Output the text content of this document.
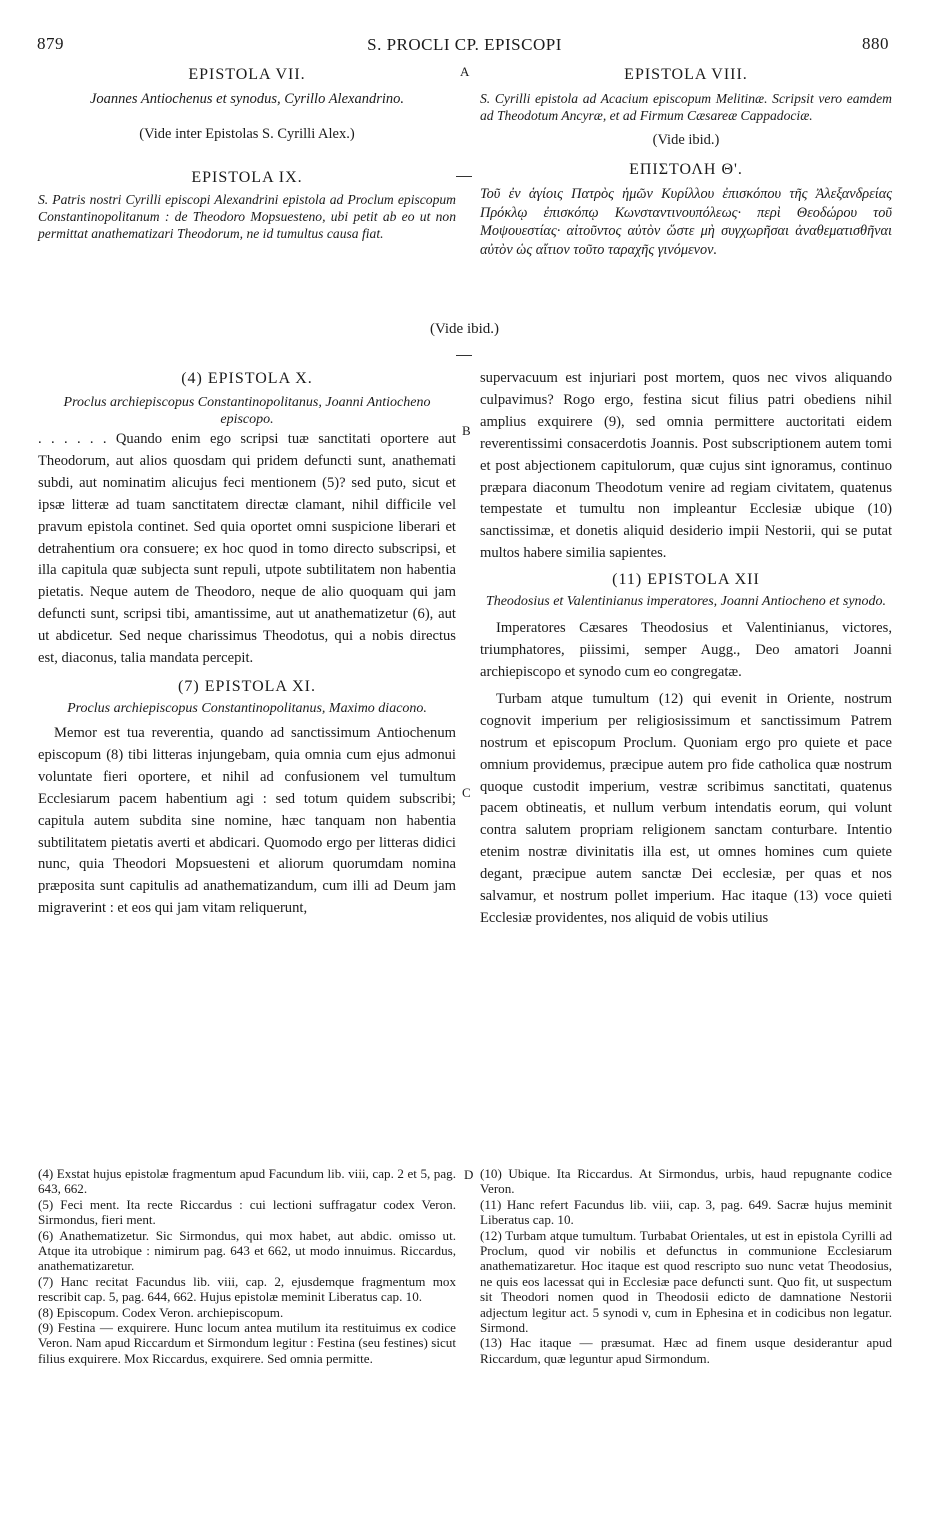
879	S. PROCLI CP. EPISCOPI	880
A
B
C
D

EPISTOLA VII.

Joannes Antiochenus et synodus, Cyrillo Alexandrino.

(Vide inter Epistolas S. Cyrilli Alex.)

EPISTOLA IX.

S. Patris nostri Cyrilli episcopi Alexandrini epistola ad Proclum episcopum Constantinopolitanum : de Theodoro Mopsuesteno, ubi petit ab eo ut non permittat anathematizari Theodorum, ne id tumultus causa fiat.

(4) EPISTOLA X.

Proclus archiepiscopus Constantinopolitanus, Joanni Antiocheno episcopo.

. . . . . . Quando enim ego scripsi tuæ sanctitati oportere aut Theodorum, aut alios quosdam qui pridem defuncti sunt, anathemati subdi, aut nominatim alicujus feci mentionem (5)? sed puto, sicut et ipsæ litteræ ad tuam sanctitatem directæ clamant, nihil difficile vel pravum epistola continet. Sed quia oportet omni suspicione liberari et detrahentium ora consuere; ex hoc quod in tomo directo subscripsi, et illa capitula quæ subjecta sunt repuli, utpote subtilitatem non habentia pietatis. Neque autem de Theodoro, neque de alio quoquam qui jam defuncti sunt, scripsi tibi, amantissime, aut ut anathematizetur (6), aut ut abdicetur. Sed neque charissimus Theodotus, qui a nobis directus est, diaconus, talia mandata percepit.

(7) EPISTOLA XI.

Proclus archiepiscopus Constantinopolitanus, Maximo diacono.

Memor est tua reverentia, quando ad sanctissimum Antiochenum episcopum (8) tibi litteras injungebam, quia omnia cum ejus admonui voluntate fieri oportere, et nihil ad confusionem vel tumultum Ecclesiarum pacem habentium agi : sed totum quidem subscribi; capitula autem subdita sine nomine, hæc tanquam non habentia subtilitatem pietatis averti et abdicari. Quomodo ergo per litteras didici nunc, quia Theodori Mopsuesteni et aliorum quorumdam nomina præposita sunt capitulis ad anathematizandum, cum illi ad Deum jam migraverint : et eos qui jam vitam reliquerunt,

(4) Exstat hujus epistolæ fragmentum apud Facundum lib. viii, cap. 2 et 5, pag. 643, 662.

(5) Feci ment. Ita recte Riccardus : cui lectioni suffragatur codex Veron. Sirmondus, fieri ment.

(6) Anathematizetur. Sic Sirmondus, qui mox habet, aut abdic. omisso ut. Atque ita utrobique : nimirum pag. 643 et 662, ut modo innuimus. Riccardus, anathematizaretur.

(7) Hanc recitat Facundus lib. viii, cap. 2, ejusdemque fragmentum mox rescribit cap. 5, pag. 644, 662. Hujus epistolæ meminit Liberatus cap. 10.

(8) Episcopum. Codex Veron. archiepiscopum.

(9) Festina — exquirere. Hunc locum antea mutilum ita restituimus ex codice Veron. Nam apud Riccardum et Sirmondum legitur : Festina (seu festines) sicut filius exquirere. Mox Riccardus, exquirere. Sed omnia permitte.

EPISTOLA VIII.

S. Cyrilli epistola ad Acacium episcopum Melitinæ. Scripsit vero eamdem ad Theodotum Ancyræ, et ad Firmum Cæsareæ Cappadociæ.

(Vide ibid.)

ΕΠΙΣΤΟΛΗ Θ'.

Τοῦ ἐν ἁγίοις Πατρὸς ἡμῶν Κυρίλλου ἐπισκόπου τῆς Ἀλεξανδρείας Πρόκλῳ ἐπισκόπῳ Κωνσταντινουπόλεως· περὶ Θεοδώρου τοῦ Μοψουεστίας· αἰτοῦντος αὐτὸν ὥστε μὴ συγχωρῆσαι ἀναθεματισθῆναι αὐτὸν ὡς αἴτιον τοῦτο ταραχῆς γινόμενον.

(Vide ibid.)

supervacuum est injuriari post mortem, quos nec vivos aliquando culpavimus? Rogo ergo, festina sicut filius patri obediens nihil amplius exquirere (9), sed omnia permittere auctoritati eidem reverentissimi consacerdotis Joannis. Post subscriptionem autem tomi et post abjectionem capitulorum, quæ cujus sint ignoramus, continuo præpara diaconum Theodotum venire ad regiam civitatem, quatenus tempestate et tumultu non impleantur Ecclesiæ ubique (10) sanctissimæ, et donetis aliquid desiderio impii Nestorii, qui se putat multos habere similia sapientes.

(11) EPISTOLA XII

Theodosius et Valentinianus imperatores, Joanni Antiocheno et synodo.

Imperatores Cæsares Theodosius et Valentinianus, victores, triumphatores, piissimi, semper Augg., Deo amatori Joanni archiepiscopo et synodo cum eo congregatæ.

Turbam atque tumultum (12) qui evenit in Oriente, nostrum cognovit imperium per religiosissimum et sanctissimum Patrem nostrum et episcopum Proclum. Quoniam ergo pro quiete et pace omnium providemus, præcipue autem pro fide catholica quæ nostrum quoque custodit imperium, vestræ scribimus sanctitati, quatenus pacem obtineatis, et nullum verbum intendatis eorum, qui volunt contra salutem propriam religionem sanctam conturbare. Intentio etenim nostræ divinitatis illa est, ut omnes homines cum quiete degant, præcipue autem sanctæ Dei ecclesiæ, per quas et nos salvamur, et nostrum pollet imperium. Hac itaque (13) voce quieti Ecclesiæ providentes, nos aliquid de vobis utilius

(10) Ubique. Ita Riccardus. At Sirmondus, urbis, haud repugnante codice Veron.

(11) Hanc refert Facundus lib. viii, cap. 3, pag. 649. Sacræ hujus meminit Liberatus cap. 10.

(12) Turbam atque tumultum. Turbabat Orientales, ut est in epistola Cyrilli ad Proclum, quod vir nobilis et defunctus in communione Ecclesiarum anathematizaretur. Hoc itaque est quod rescripto suo nunc vetat Theodosius, ne quis eos lacessat qui in Ecclesiæ pace defuncti sunt. Quo fit, ut suspectum sit Theodori nomen quod in Theodosii edicto de damnatione Nestorii adjectum legitur act. 5 synodi v, cum in Ephesina et in codicibus non legatur. Sirmond.

(13) Hac itaque — præsumat. Hæc ad finem usque desiderantur apud Riccardum, quæ leguntur apud Sirmondum.
